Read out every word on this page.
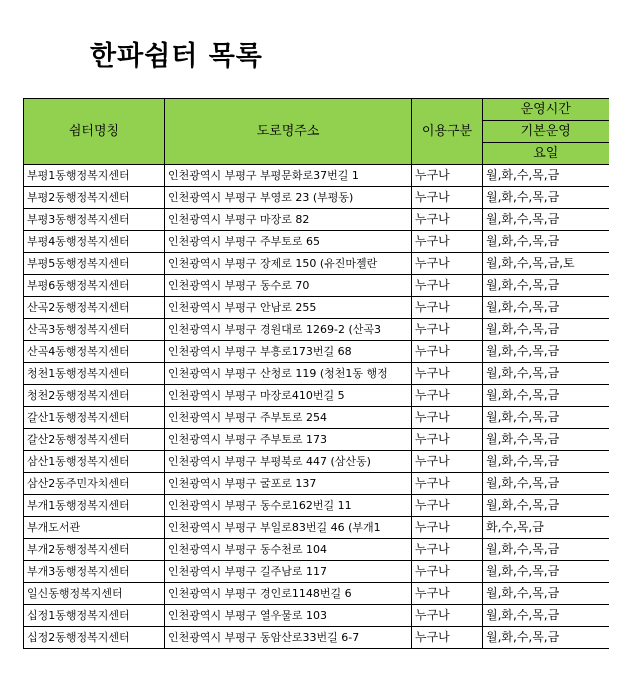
한파쉼터 목록
쉼터명칭	도로명주소	이용구분	운영시간
			기본운영
			요일
부평1동행정복지센터	인천광역시 부평구 부평문화로37번길 1	누구나	월,화,수,목,금
부평2동행정복지센터	인천광역시 부평구 부영로 23 (부평동)	누구나	월,화,수,목,금
부평3동행정복지센터	인천광역시 부평구 마장로 82	누구나	월,화,수,목,금
부평4동행정복지센터	인천광역시 부평구 주부토로 65	누구나	월,화,수,목,금
부평5동행정복지센터	인천광역시 부평구 장제로 150 (유진마젤란	누구나	월,화,수,목,금,토
부평6동행정복지센터	인천광역시 부평구 동수로 70	누구나	월,화,수,목,금
산곡2동행정복지센터	인천광역시 부평구 안남로 255	누구나	월,화,수,목,금
산곡3동행정복지센터	인천광역시 부평구 경원대로 1269-2 (산곡3	누구나	월,화,수,목,금
산곡4동행정복지센터	인천광역시 부평구 부흥로173번길 68	누구나	월,화,수,목,금
청천1동행정복지센터	인천광역시 부평구 산청로 119 (청천1동 행정	누구나	월,화,수,목,금
청천2동행정복지센터	인천광역시 부평구 마장로410번길 5	누구나	월,화,수,목,금
갈산1동행정복지센터	인천광역시 부평구 주부토로 254	누구나	월,화,수,목,금
갈산2동행정복지센터	인천광역시 부평구 주부토로 173	누구나	월,화,수,목,금
삼산1동행정복지센터	인천광역시 부평구 부평북로 447 (삼산동)	누구나	월,화,수,목,금
삼산2동주민자치센터	인천광역시 부평구 굴포로 137	누구나	월,화,수,목,금
부개1동행정복지센터	인천광역시 부평구 동수로162번길 11	누구나	월,화,수,목,금
부개도서관	인천광역시 부평구 부일로83번길 46 (부개1	누구나	화,수,목,금
부개2동행정복지센터	인천광역시 부평구 동수천로 104	누구나	월,화,수,목,금
부개3동행정복지센터	인천광역시 부평구 길주남로 117	누구나	월,화,수,목,금
일신동행정복지센터	인천광역시 부평구 경인로1148번길 6	누구나	월,화,수,목,금
십정1동행정복지센터	인천광역시 부평구 열우물로 103	누구나	월,화,수,목,금
십정2동행정복지센터	인천광역시 부평구 동암산로33번길 6-7	누구나	월,화,수,목,금
